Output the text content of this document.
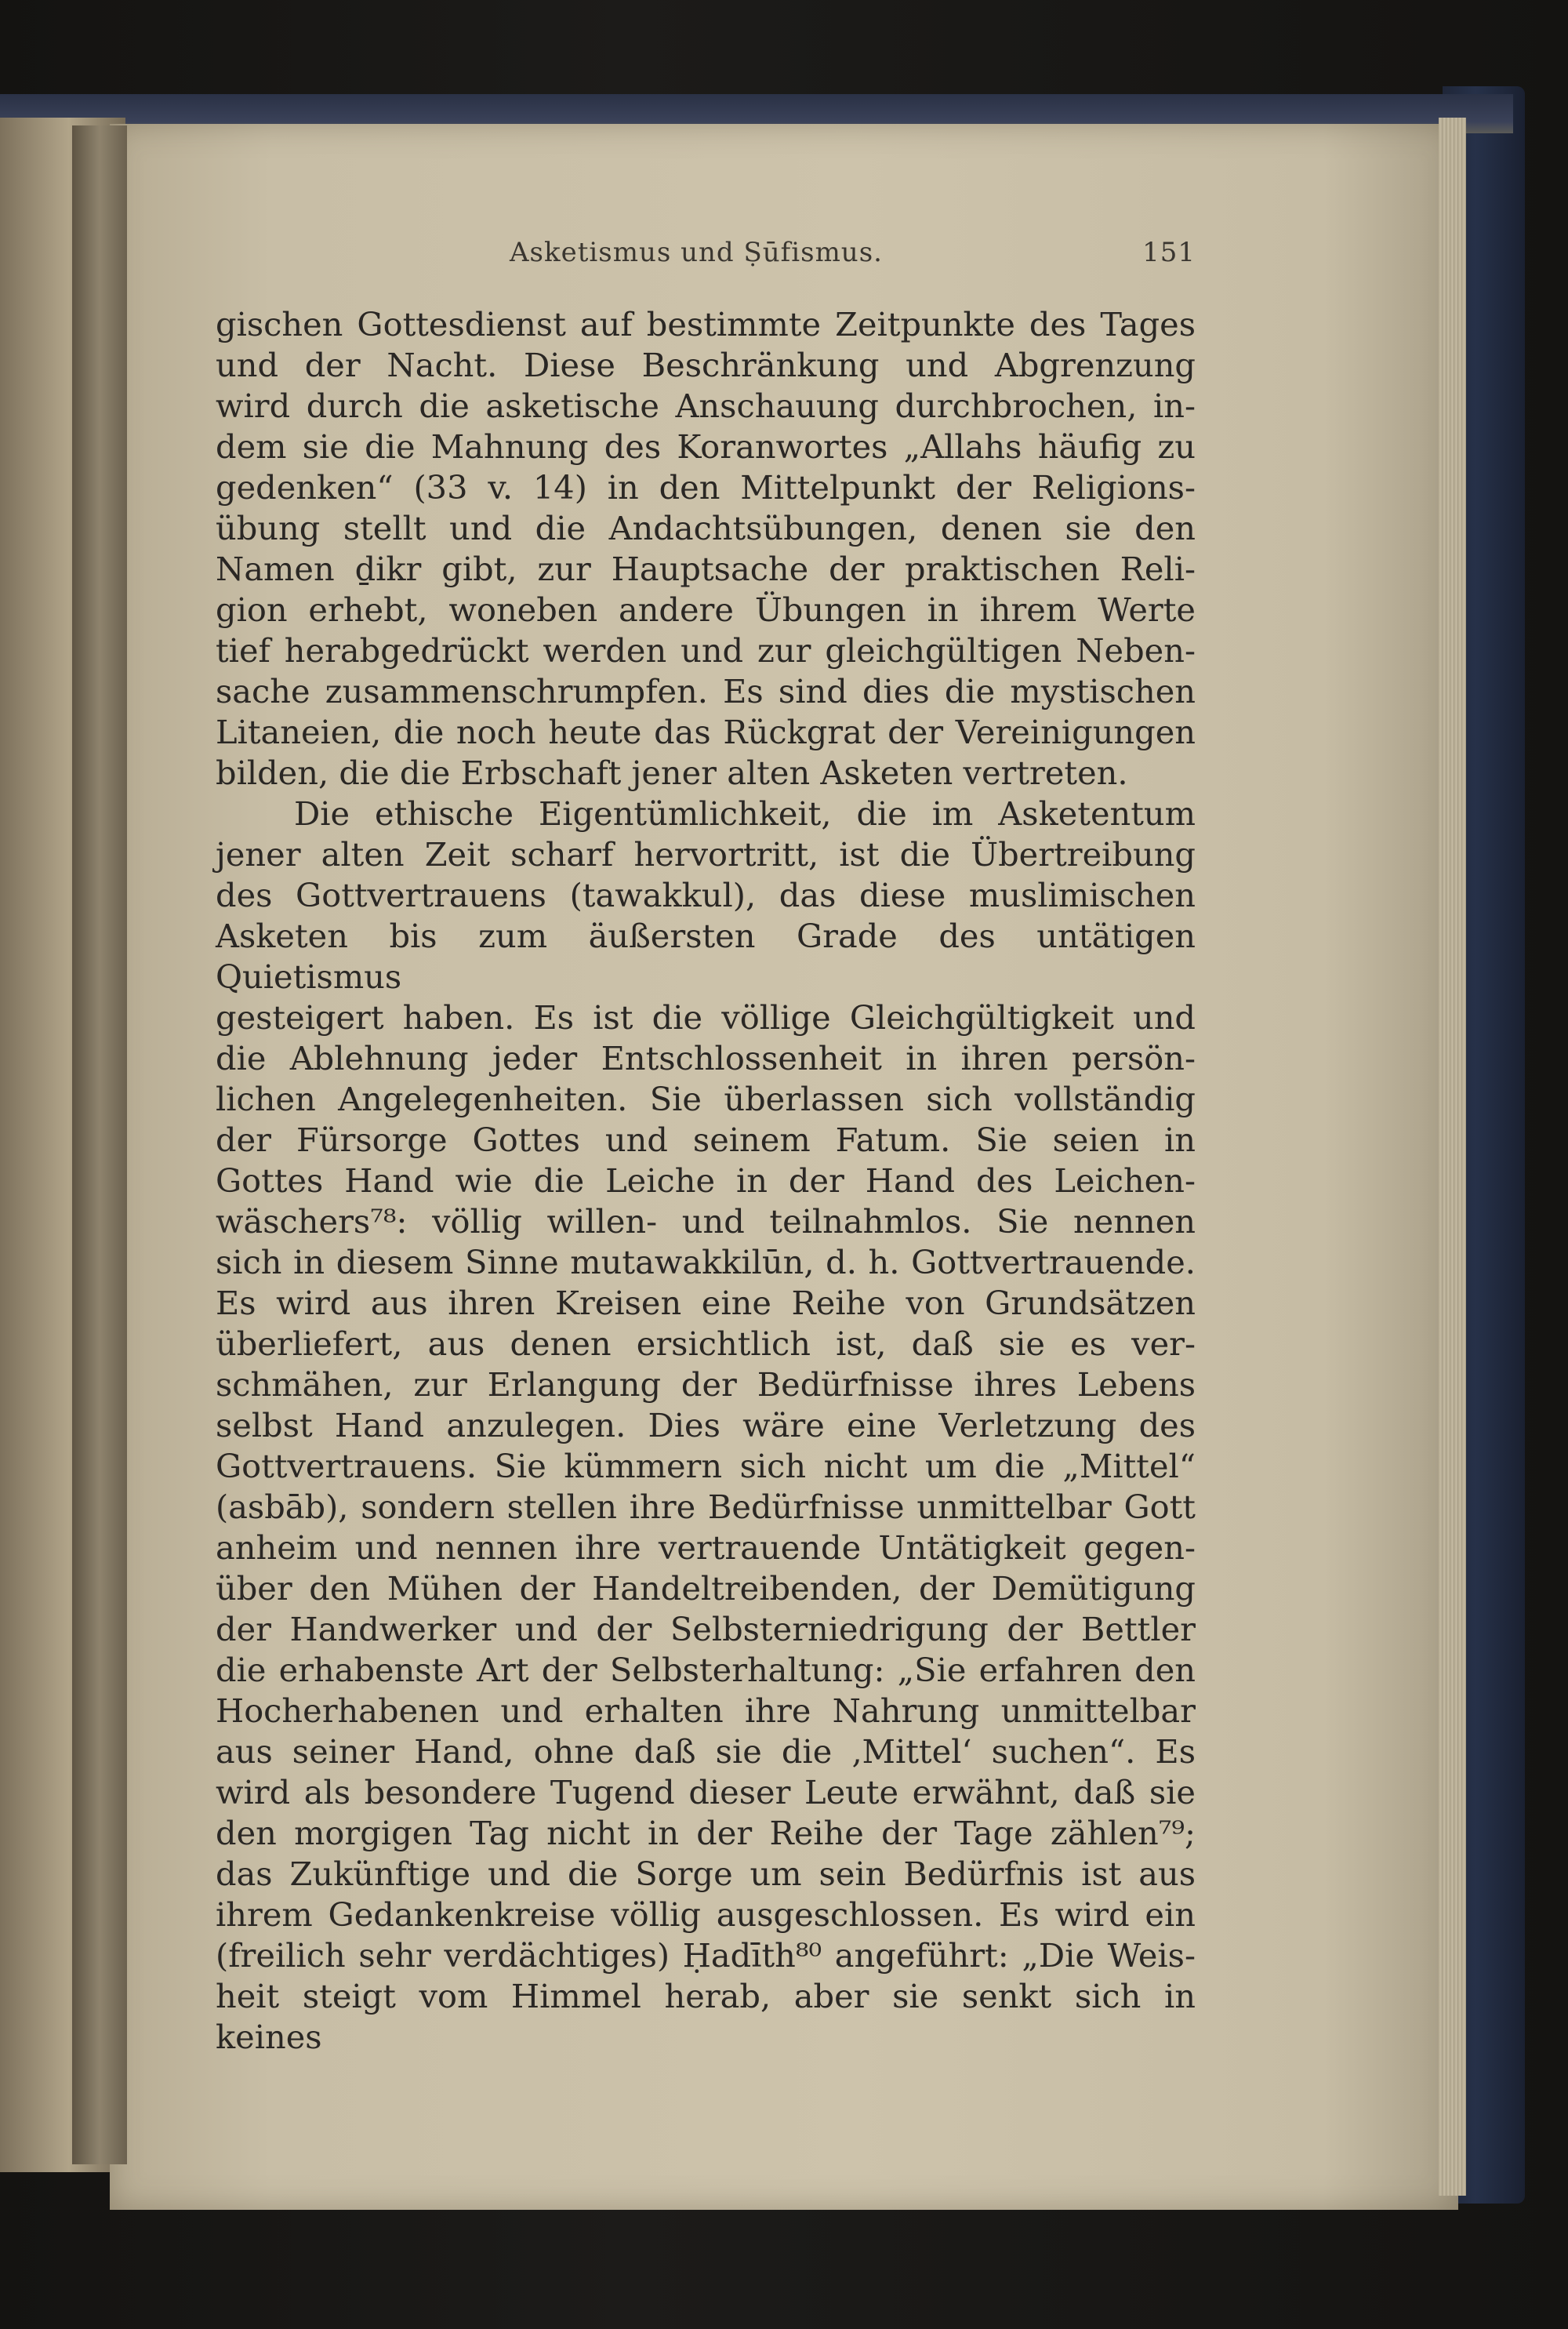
Asketismus und Ṣūfismus.	151

gischen Gottesdienst auf bestimmte Zeitpunkte des Tages

und der Nacht. Diese Beschränkung und Abgrenzung

wird durch die asketische Anschauung durchbrochen, in-

dem sie die Mahnung des Koranwortes „Allahs häufig zu

gedenken“ (33 v. 14) in den Mittelpunkt der Religions-

übung stellt und die Andachtsübungen, denen sie den

Namen ḏikr gibt, zur Hauptsache der praktischen Reli-

gion erhebt, woneben andere Übungen in ihrem Werte

tief herabgedrückt werden und zur gleichgültigen Neben-

sache zusammenschrumpfen. Es sind dies die mystischen

Litaneien, die noch heute das Rückgrat der Vereinigungen

bilden, die die Erbschaft jener alten Asketen vertreten.

Die ethische Eigentümlichkeit, die im Asketentum

jener alten Zeit scharf hervortritt, ist die Übertreibung

des Gottvertrauens (tawakkul), das diese muslimischen

Asketen bis zum äußersten Grade des untätigen Quietismus

gesteigert haben. Es ist die völlige Gleichgültigkeit und

die Ablehnung jeder Entschlossenheit in ihren persön-

lichen Angelegenheiten. Sie überlassen sich vollständig

der Fürsorge Gottes und seinem Fatum. Sie seien in

Gottes Hand wie die Leiche in der Hand des Leichen-

wäschers⁷⁸: völlig willen- und teilnahmlos. Sie nennen

sich in diesem Sinne mutawakkilūn, d. h. Gottvertrauende.

Es wird aus ihren Kreisen eine Reihe von Grundsätzen

überliefert, aus denen ersichtlich ist, daß sie es ver-

schmähen, zur Erlangung der Bedürfnisse ihres Lebens

selbst Hand anzulegen. Dies wäre eine Verletzung des

Gottvertrauens. Sie kümmern sich nicht um die „Mittel“

(asbāb), sondern stellen ihre Bedürfnisse unmittelbar Gott

anheim und nennen ihre vertrauende Untätigkeit gegen-

über den Mühen der Handeltreibenden, der Demütigung

der Handwerker und der Selbsterniedrigung der Bettler

die erhabenste Art der Selbsterhaltung: „Sie erfahren den

Hocherhabenen und erhalten ihre Nahrung unmittelbar

aus seiner Hand, ohne daß sie die ‚Mittel‘ suchen“. Es

wird als besondere Tugend dieser Leute erwähnt, daß sie

den morgigen Tag nicht in der Reihe der Tage zählen⁷⁹;

das Zukünftige und die Sorge um sein Bedürfnis ist aus

ihrem Gedankenkreise völlig ausgeschlossen. Es wird ein

(freilich sehr verdächtiges) Ḥadīth⁸⁰ angeführt: „Die Weis-

heit steigt vom Himmel herab, aber sie senkt sich in keines
